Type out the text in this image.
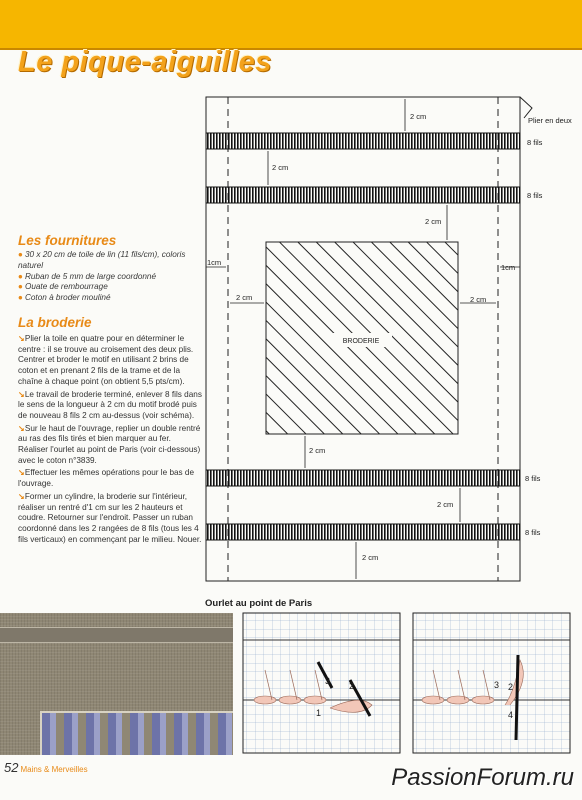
Le pique-aiguilles
Les fournitures
● 30 x 20 cm de toile de lin (11 fils/cm), coloris naturel
● Ruban de 5 mm de large coordonné
● Ouate de rembourrage
● Coton à broder mouliné
La broderie

↘Plier la toile en quatre pour en déterminer le centre : il se trouve au croisement des deux plis. Centrer et broder le motif en utilisant 2 brins de coton et en prenant 2 fils de la trame et de la chaîne à chaque point (on obtient 5,5 pts/cm).

↘Le travail de broderie terminé, enlever 8 fils dans le sens de la longueur à 2 cm du motif brodé puis de nouveau 8 fils 2 cm au-dessus (voir schéma).

↘Sur le haut de l'ouvrage, replier un double rentré au ras des fils tirés et bien marquer au fer. Réaliser l'ourlet au point de Paris (voir ci-dessous) avec le coton n°3839.

↘Effectuer les mêmes opérations pour le bas de l'ouvrage.

↘Former un cylindre, la broderie sur l'intérieur, réaliser un rentré d'1 cm sur les 2 hauteurs et coudre. Retourner sur l'endroit. Passer un ruban coordonné dans les 2 rangées de 8 fils (tous les 4 fils verticaux) en commençant par le milieu. Nouer.

BRODERIE
2 cm
2 cm
2 cm
1cm
1cm
2 cm	2 cm
2 cm
2 cm
2 cm
Plier en deux
8 fils
8 fils
8 fils
8 fils
3 2
1
3 2
4
Ourlet au point de Paris
52 Mains & Merveilles	PassionForum.ru
